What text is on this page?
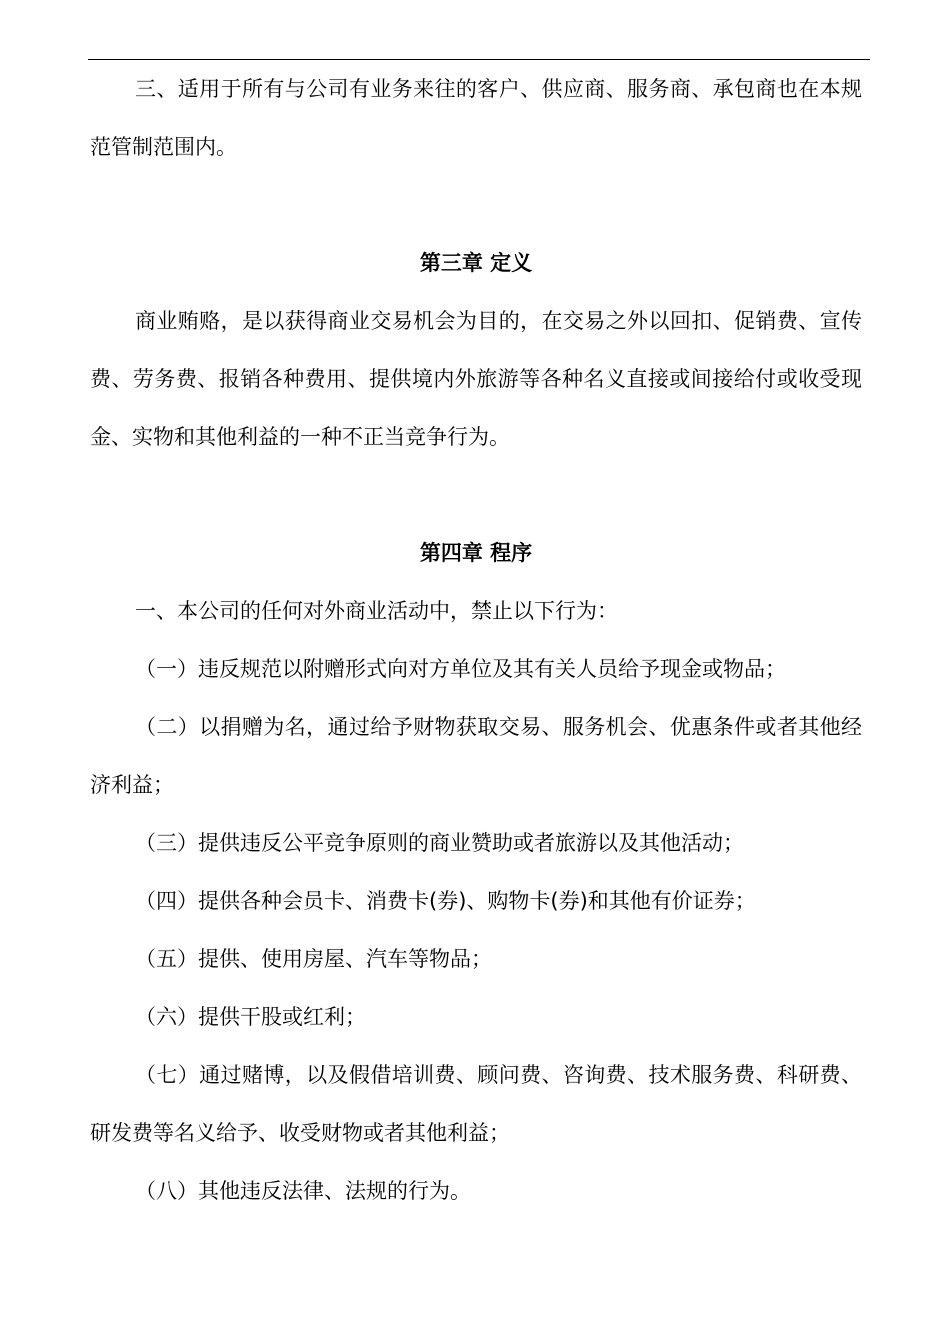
三、适用于所有与公司有业务来往的客户、供应商、服务商、承包商也在本规范管制范围内。

第三章 定义

商业贿赂，是以获得商业交易机会为目的，在交易之外以回扣、促销费、宣传费、劳务费、报销各种费用、提供境内外旅游等各种名义直接或间接给付或收受现金、实物和其他利益的一种不正当竞争行为。

第四章 程序

一、本公司的任何对外商业活动中，禁止以下行为：

（一）违反规范以附赠形式向对方单位及其有关人员给予现金或物品；

（二）以捐赠为名，通过给予财物获取交易、服务机会、优惠条件或者其他经济利益；

（三）提供违反公平竞争原则的商业赞助或者旅游以及其他活动；

（四）提供各种会员卡、消费卡(券)、购物卡(券)和其他有价证券；

（五）提供、使用房屋、汽车等物品；

（六）提供干股或红利；

（七）通过赌博，以及假借培训费、顾问费、咨询费、技术服务费、科研费、研发费等名义给予、收受财物或者其他利益；

（八）其他违反法律、法规的行为。
